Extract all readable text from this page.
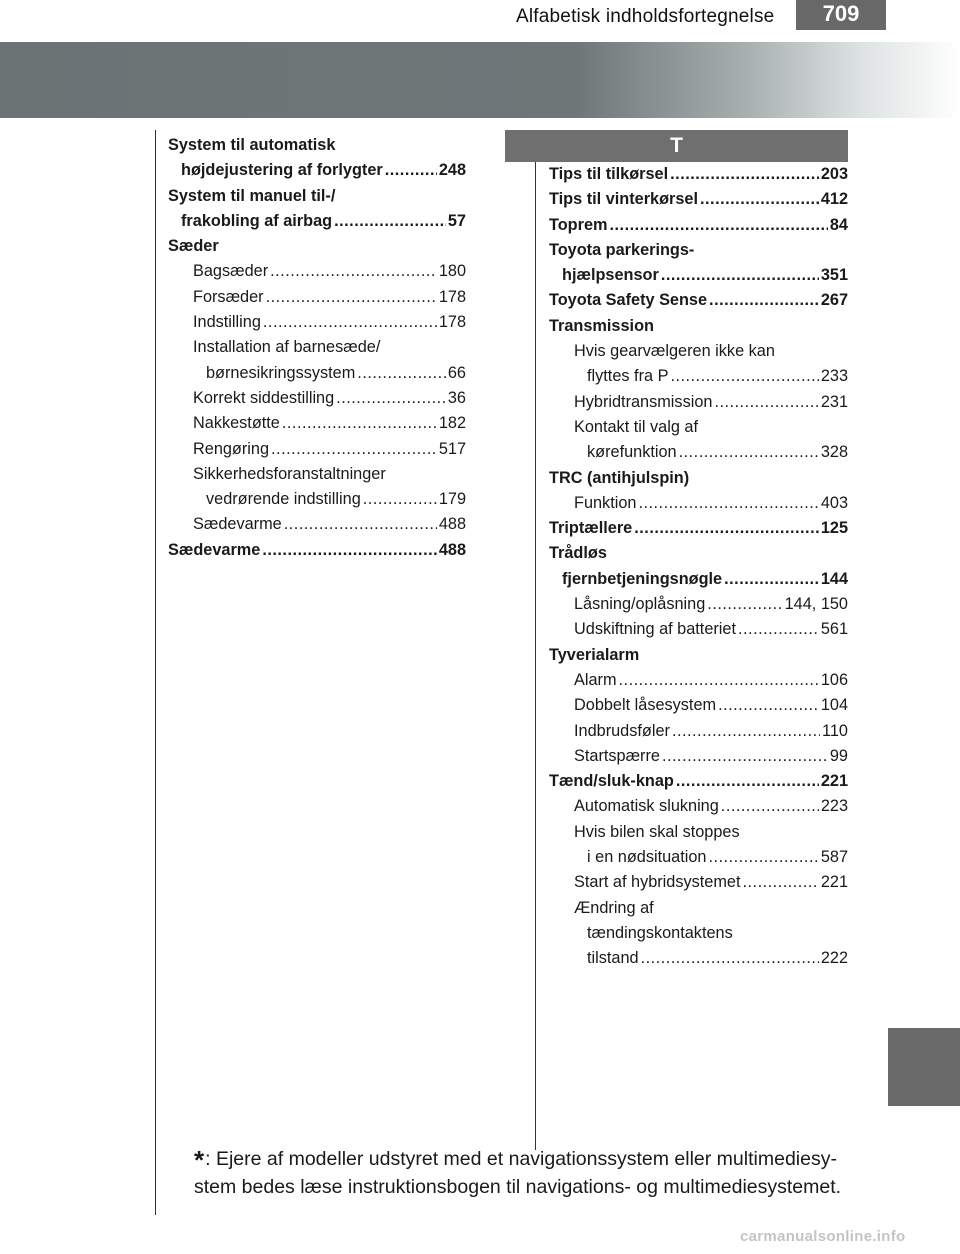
Alfabetisk indholdsfortegnelse	709
T
System til automatisk
højdejustering af forlygter .....	248
System til manuel til-/
frakobling af airbag .....	57
Sæder
Bagsæder .....	180
Forsæder .....	178
Indstilling .....	178
Installation af barnesæde/
børnesikringssystem .....	66
Korrekt siddestilling .....	36
Nakkestøtte .....	182
Rengøring .....	517
Sikkerhedsforanstaltninger
vedrørende indstilling .....	179
Sædevarme .....	488
Sædevarme .....	488
Tips til tilkørsel .....	203
Tips til vinterkørsel .....	412
Toprem .....	84
Toyota parkerings-
hjælpsensor .....	351
Toyota Safety Sense .....	267
Transmission
Hvis gearvælgeren ikke kan
flyttes fra P .....	233
Hybridtransmission .....	231
Kontakt til valg af
kørefunktion .....	328
TRC (antihjulspin)
Funktion .....	403
Triptællere .....	125
Trådløs
fjernbetjeningsnøgle .....	144
Låsning/oplåsning .....	144, 150
Udskiftning af batteriet .....	561
Tyverialarm
Alarm .....	106
Dobbelt låsesystem .....	104
Indbrudsføler .....	110
Startspærre .....	99
Tænd/sluk-knap .....	221
Automatisk slukning .....	223
Hvis bilen skal stoppes
i en nødsituation .....	587
Start af hybridsystemet .....	221
Ændring af
tændingskontaktens
tilstand .....	222
*: Ejere af modeller udstyret med et navigationssystem eller multimediesy-stem bedes læse instruktionsbogen til navigations- og multimediesystemet.
carmanualsonline.info
